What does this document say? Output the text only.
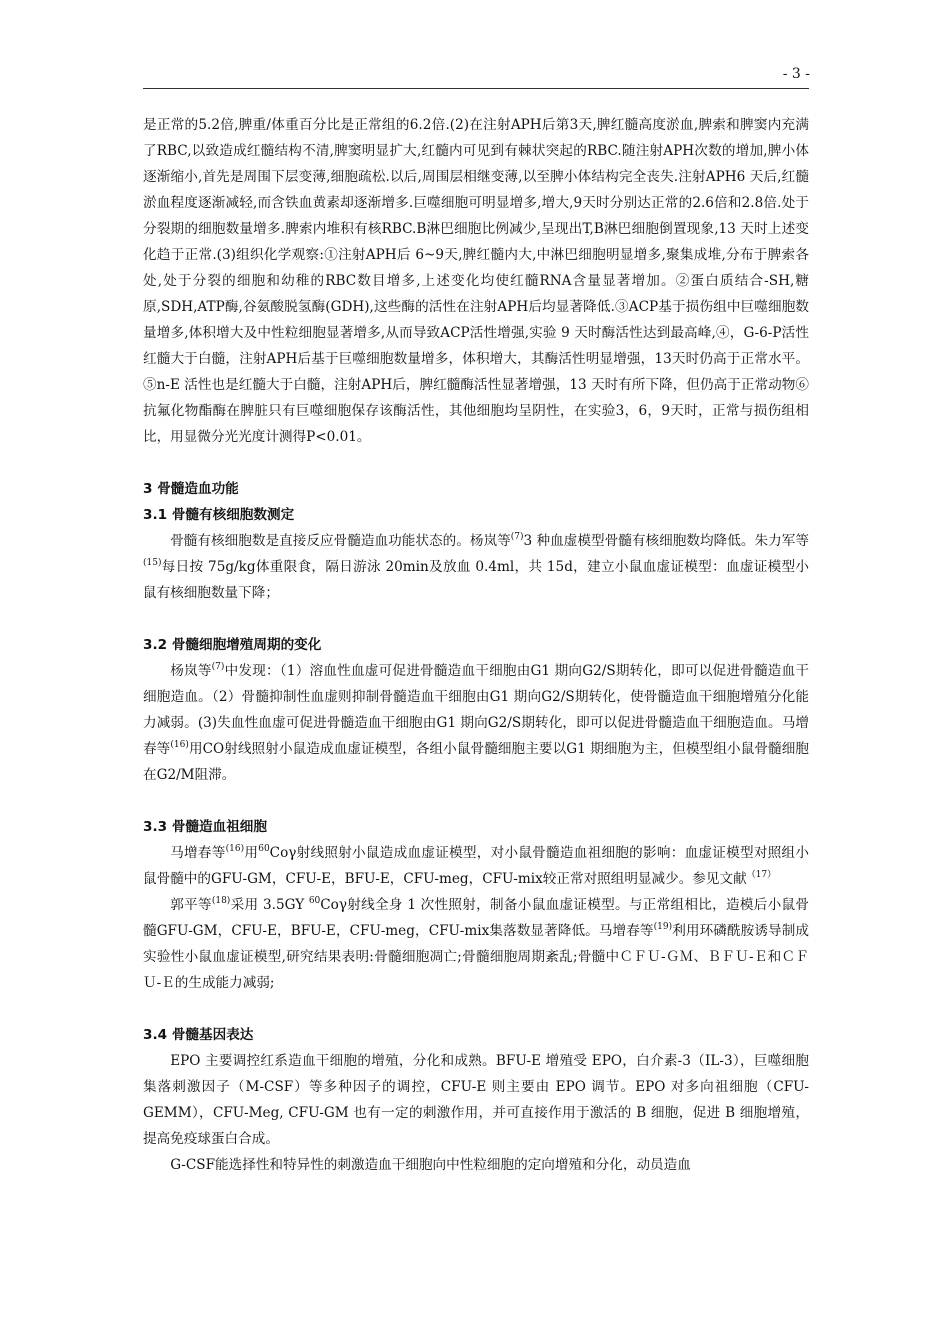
- 3 -

是正常的5.2倍,脾重/体重百分比是正常组的6.2倍.(2)在注射APH后第3天,脾红髓高度淤血,脾索和脾窦内充满了RBC,以致造成红髓结构不清,脾窦明显扩大,红髓内可见到有棘状突起的RBC.随注射APH次数的增加,脾小体逐渐缩小,首先是周围下层变薄,细胞疏松.以后,周围层相继变薄,以至脾小体结构完全丧失.注射APH6 天后,红髓淤血程度逐渐减轻,而含铁血黄素却逐渐增多.巨噬细胞可明显增多,增大,9天时分别达正常的2.6倍和2.8倍.处于分裂期的细胞数量增多.脾索内堆积有核RBC.B淋巴细胞比例减少,呈现出T,B淋巴细胞倒置现象,13 天时上述变化趋于正常.(3)组织化学观察:①注射APH后 6~9天,脾红髓内大,中淋巴细胞明显增多,聚集成堆,分布于脾索各处,处于分裂的细胞和幼稚的RBC数目增多,上述变化均使红髓RNA含量显著增加。②蛋白质结合-SH,糖原,SDH,ATP酶,谷氨酸脱氢酶(GDH),这些酶的活性在注射APH后均显著降低.③ACP基于损伤组中巨噬细胞数量增多,体积增大及中性粒细胞显著增多,从而导致ACP活性增强,实验 9 天时酶活性达到最高峰,④，G-6-P活性红髓大于白髓，注射APH后基于巨噬细胞数量增多，体积增大，其酶活性明显增强，13天时仍高于正常水平。⑤n-E 活性也是红髓大于白髓，注射APH后，脾红髓酶活性显著增强，13 天时有所下降，但仍高于正常动物⑥抗氟化物酯酶在脾脏只有巨噬细胞保存该酶活性，其他细胞均呈阴性，在实验3，6，9天时，正常与损伤组相比，用显微分光光度计测得P<0.01。

3 骨髓造血功能

3.1 骨髓有核细胞数测定

骨髓有核细胞数是直接反应骨髓造血功能状态的。杨岚等$^{(7)}$3 种血虚模型骨髓有核细胞数均降低。朱力军等$^{(15)}$每日按 75g/kg体重限食，隔日游泳 20min及放血 0.4ml，共 15d，建立小鼠血虚证模型：血虚证模型小鼠有核细胞数量下降；

3.2 骨髓细胞增殖周期的变化

杨岚等$^{(7)}$中发现：（1）溶血性血虚可促进骨髓造血干细胞由G1 期向G2/S期转化，即可以促进骨髓造血干细胞造血。（2）骨髓抑制性血虚则抑制骨髓造血干细胞由G1 期向G2/S期转化，使骨髓造血干细胞增殖分化能力减弱。(3)失血性血虚可促进骨髓造血干细胞由G1 期向G2/S期转化，即可以促进骨髓造血干细胞造血。马增春等$^{(16)}$用CO射线照射小鼠造成血虚证模型，各组小鼠骨髓细胞主要以G1 期细胞为主，但模型组小鼠骨髓细胞在G2/M阻滞。

3.3 骨髓造血祖细胞

马增春等$^{(16)}$用$^{60}$Coγ射线照射小鼠造成血虚证模型，对小鼠骨髓造血祖细胞的影响：血虚证模型对照组小鼠骨髓中的GFU-GM，CFU-E，BFU-E，CFU-meg，CFU-mix较正常对照组明显减少。参见文献$^{(17)}$

郭平等$^{(18)}$采用 3.5GY $^{60}$Coγ射线全身 1 次性照射，制备小鼠血虚证模型。与正常组相比，造模后小鼠骨髓GFU-GM，CFU-E，BFU-E，CFU-meg，CFU-mix集落数显著降低。马增春等$^{(19)}$利用环磷酰胺诱导制成实验性小鼠血虚证模型,研究结果表明:骨髓细胞凋亡;骨髓细胞周期紊乱;骨髓中ＣＦＵ-ＧＭ、ＢＦＵ-Ｅ和ＣＦＵ-Ｅ的生成能力减弱;

3.4 骨髓基因表达

EPO 主要调控红系造血干细胞的增殖，分化和成熟。BFU-E 增殖受 EPO，白介素-3（IL-3），巨噬细胞集落刺激因子（M-CSF）等多种因子的调控，CFU-E 则主要由 EPO 调节。EPO 对多向祖细胞（CFU-GEMM），CFU-Meg, CFU-GM 也有一定的刺激作用，并可直接作用于激活的 B 细胞，促进 B 细胞增殖，提高免疫球蛋白合成。

G-CSF能选择性和特异性的刺激造血干细胞向中性粒细胞的定向增殖和分化，动员造血
